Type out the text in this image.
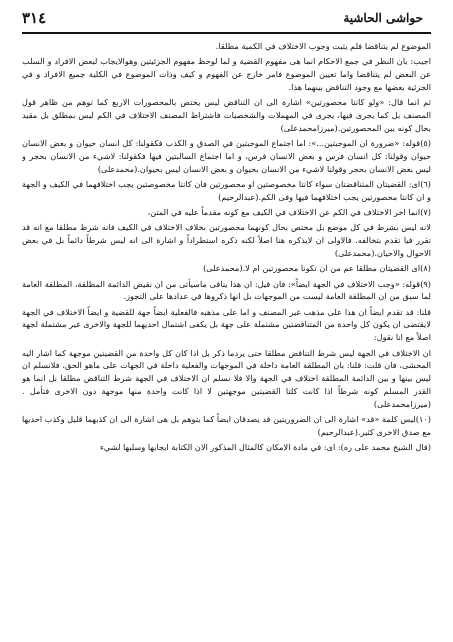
٣١٤	حواشى الحاشية

الموضوع لم يتناقضا فلم يثبت وجوب الاختلاف في الكمية مطلقا.

اجيب: بان النظر في جمع الاحكام انما هى مفهوم القضية و لما لوحظ مفهوم الجزئيتين وهوالايجاب لبعض الافراد و السلب عن البعض لم يتناقضا واما تعيين الموضوع فامر خارج عن الفهوم و كيف وذات الموضوع في الكلية جميع الافراد و في الجزئية بعضها مع وجود التناقض بينهما هذا.

ثم انما قال: «ولو كانتا محصورتين» اشارة الى ان التناقض ليس يختص بالمحصورات الاربع كما توهم من ظاهر قول المصنف بل كما يجرى فيها، يجرى في المهملات والشخصيات فاشتراط المصنف الاختلاف في الكم ليس بمطلق بل مقيد بحال كونه بين المحصورتين.(ميرزامحمدعلى)

(٥)قوله: «ضرورة ان الموجبتين...»: اما اجتماع الموجبتين في الصدق و الكذب فكقولنا: كل انسان حيوان و بعض الانسان حيوان وقولنا: كل انسان فرس و بعض الانسان فرس، و اما اجتماع السالبتين فيها فكقولنا: لاشيء من الانسان بحجر و ليس بعض الانسان بحجر وقولنا لاشيء من الانسان بحيوان و بعض الانسان ليس بحيوان.(محمدعلى)

(٦)اى: القضيتان المتناقضتان سواء كانتا مخصوصتين او محصورتين فان كانتا مخصوصتين يجب اختلافهما في الكيف و الجهة و ان كانتا محصورتين يجب اختلافهما فيها وفى الكم.(عبدالرحيم)

(٧)انما اخر الاختلاف في الكم عن الاختلاف في الكيف مع كونه مقدماً عليه في المتن،

لانه ليس بشرط في كل موضع بل مختص بحال كونهما محصورتين بخلاف الاختلاف في الكيف فانه شرط مطلقا مع انه قد تقرر فيا تقدم بتخالفه. فالاولى ان لايذكره هنا اصلاً لكنه ذكره استطراداً و اشارة الى انه ليس شرطاً دائماً بل في بعض الاحوال والاحيان.(محمدعلى)

(٨)اى القضيتان مطلقا عم من ان تكونا محصورتين ام لا.(محمدعلى)

(٩)قوله: «وجب الاختلاف في الجهة ايضاً»: فان قيل: ان هذا ينافى ماسيأتى من ان نقيض الدائمة المطلقة، المطلقة العامة لما سبق من ان المطلقة العامة ليست من الموجهات بل انها ذكروها في عدادها على التجوز.

قلنا: قد تقدم ايضاً ان هذا على مذهب غير المصنف و اما على مذهبه فالفعلية ايضاً جهة للقضية و ايضاً الاختلاف في الجهة لايقتضى ان يكون كل واحدة من المتناقضتين مشتملة على جهة بل يكفى اشتمال احديهما للجهة والاخرى غير مشتملة لجهة اصلاً مع انا نقول:

ان الاختلاف في الجهة ليس شرط التناقض مطلقا حتى يردما ذكر بل اذا كان كل واحدة من القضيتين موجهة كما اشار اليه المحشى، فان قلت: قلنا: بان المطلقة العامة داخلة في الموجهات والفعلية داخلة في الجهات على ماهو الحق، فلانسلم ان ليس بينها و بين الدائمة المطلقة اختلاف في الجهة والا فلا نسلم ان الاختلاف في الجهة شرط التناقض مطلقا بل انما هو القدر المسلم كونه شرطاً اذا كانت كلتا القضيتين موجهتين لا اذا كانت واحدة منها موجهة دون الاخرى فتأمل . (ميرزامحمدعلى)

(١٠)ليس كلمة «قد» اشارة الى ان الضروريتين قد يصدقان ايضاً كما يتوهم بل هى اشارة الى ان كذبهما قليل وكذب احديها مع صدق الاخرى كثير.(عبدالرحيم)

(قال الشيخ محمد على ره): اى: في مادة الامكان كالمثال المذكور الان الكتابة ايجابها وسلبها لشيء
